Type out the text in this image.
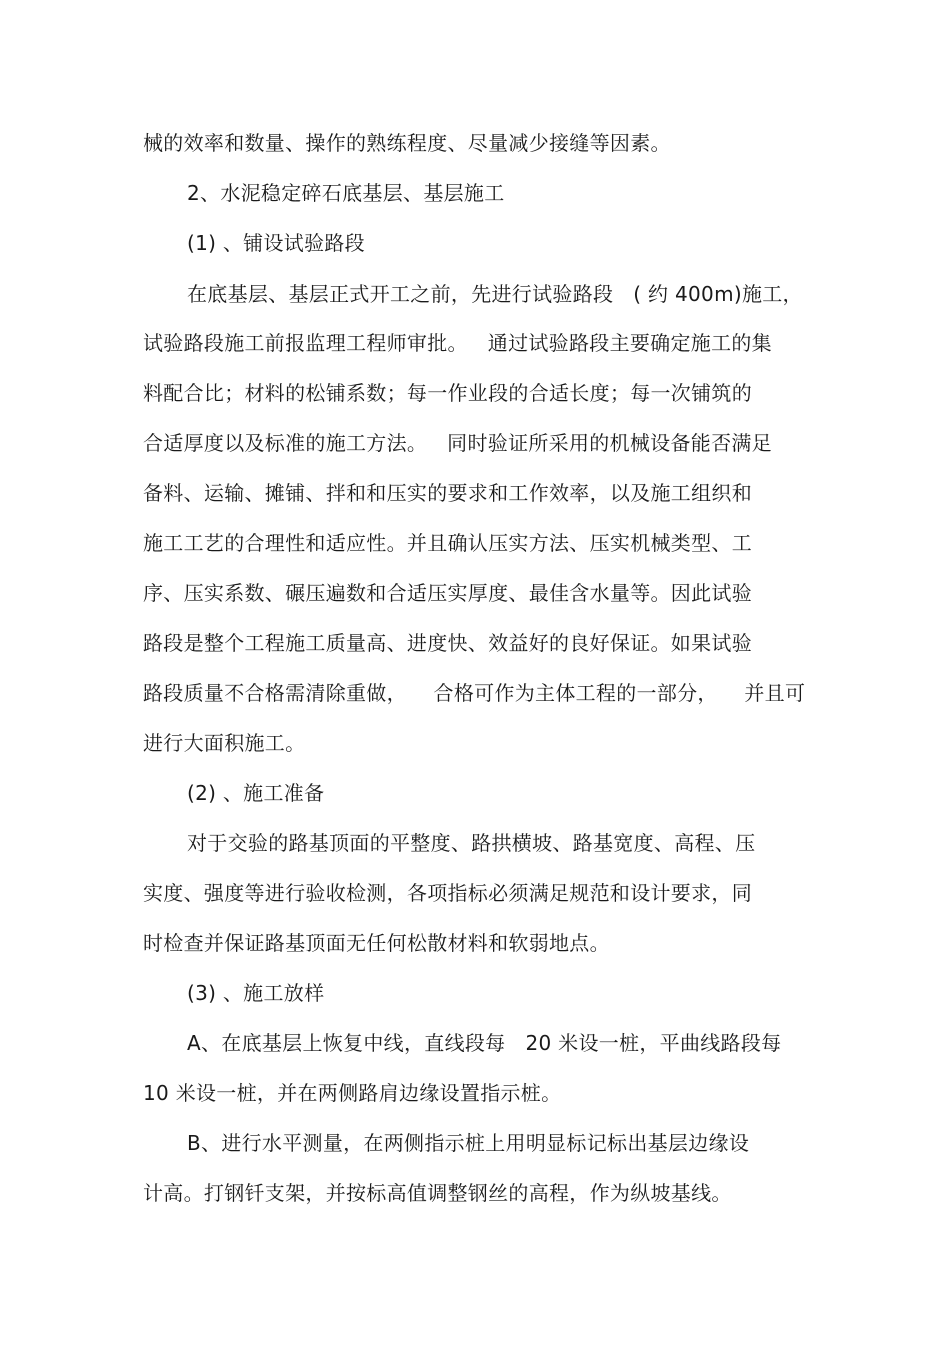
械的效率和数量、操作的熟练程度、尽量减少接缝等因素。

2、水泥稳定碎石底基层、基层施工

(1) 、铺设试验路段

在底基层、基层正式开工之前，先进行试验路段   ( 约 400m)施工，

试验路段施工前报监理工程师审批。   通过试验路段主要确定施工的集

料配合比；材料的松铺系数；每一作业段的合适长度；每一次铺筑的

合适厚度以及标准的施工方法。   同时验证所采用的机械设备能否满足

备料、运输、摊铺、拌和和压实的要求和工作效率，以及施工组织和

施工工艺的合理性和适应性。并且确认压实方法、压实机械类型、工

序、压实系数、碾压遍数和合适压实厚度、最佳含水量等。因此试验

路段是整个工程施工质量高、进度快、效益好的良好保证。如果试验

路段质量不合格需清除重做，    合格可作为主体工程的一部分，    并且可

进行大面积施工。

(2) 、施工准备

对于交验的路基顶面的平整度、路拱横坡、路基宽度、高程、压

实度、强度等进行验收检测，各项指标必须满足规范和设计要求，同

时检查并保证路基顶面无任何松散材料和软弱地点。

(3) 、施工放样

A、在底基层上恢复中线，直线段每   20 米设一桩，平曲线路段每

10 米设一桩，并在两侧路肩边缘设置指示桩。

B、进行水平测量，在两侧指示桩上用明显标记标出基层边缘设

计高。打钢钎支架，并按标高值调整钢丝的高程，作为纵坡基线。
